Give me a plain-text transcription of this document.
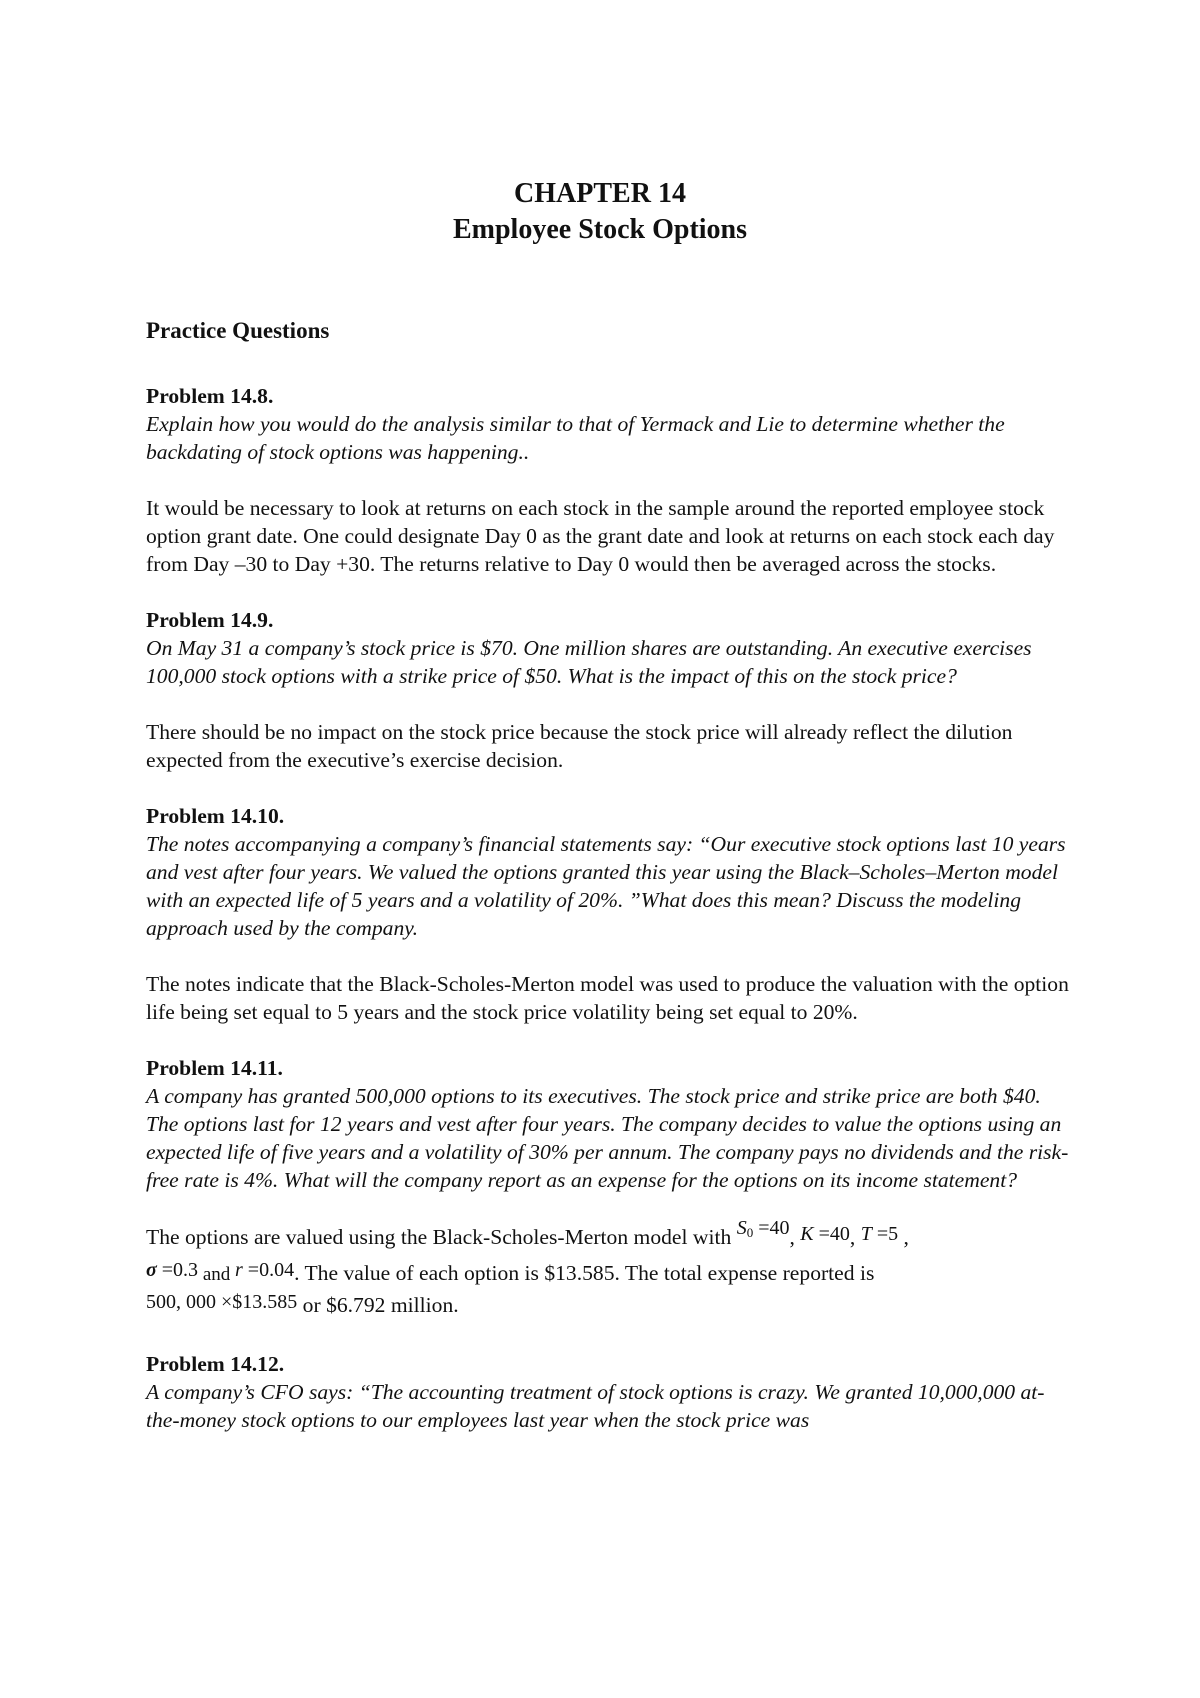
CHAPTER 14
Employee Stock Options
Practice Questions
Problem 14.8.
Explain how you would do the analysis similar to that of Yermack and Lie to determine whether the backdating of stock options was happening..
It would be necessary to look at returns on each stock in the sample around the reported employee stock option grant date. One could designate Day 0 as the grant date and look at returns on each stock each day from Day –30 to Day +30. The returns relative to Day 0 would then be averaged across the stocks.
Problem 14.9.
On May 31 a company’s stock price is $70. One million shares are outstanding. An executive exercises 100,000 stock options with a strike price of $50. What is the impact of this on the stock price?
There should be no impact on the stock price because the stock price will already reflect the dilution expected from the executive’s exercise decision.
Problem 14.10.
The notes accompanying a company’s financial statements say: “Our executive stock options last 10 years and vest after four years. We valued the options granted this year using the Black–Scholes–Merton model with an expected life of 5 years and a volatility of 20%. ”What does this mean? Discuss the modeling approach used by the company.
The notes indicate that the Black-Scholes-Merton model was used to produce the valuation with the option life being set equal to 5 years and the stock price volatility being set equal to 20%.
Problem 14.11.
A company has granted 500,000 options to its executives. The stock price and strike price are both $40. The options last for 12 years and vest after four years. The company decides to value the options using an expected life of five years and a volatility of 30% per annum. The company pays no dividends and the risk-free rate is 4%. What will the company report as an expense for the options on its income statement?
The options are valued using the Black-Scholes-Merton model with $S_0 =40$, K =40, T =5 ,
σ =0.3 and r =0.04. The value of each option is $13.585. The total expense reported is
500, 000 ×$13.585 or $6.792 million.
Problem 14.12.
A company’s CFO says: “The accounting treatment of stock options is crazy. We granted 10,000,000 at-the-money stock options to our employees last year when the stock price was
